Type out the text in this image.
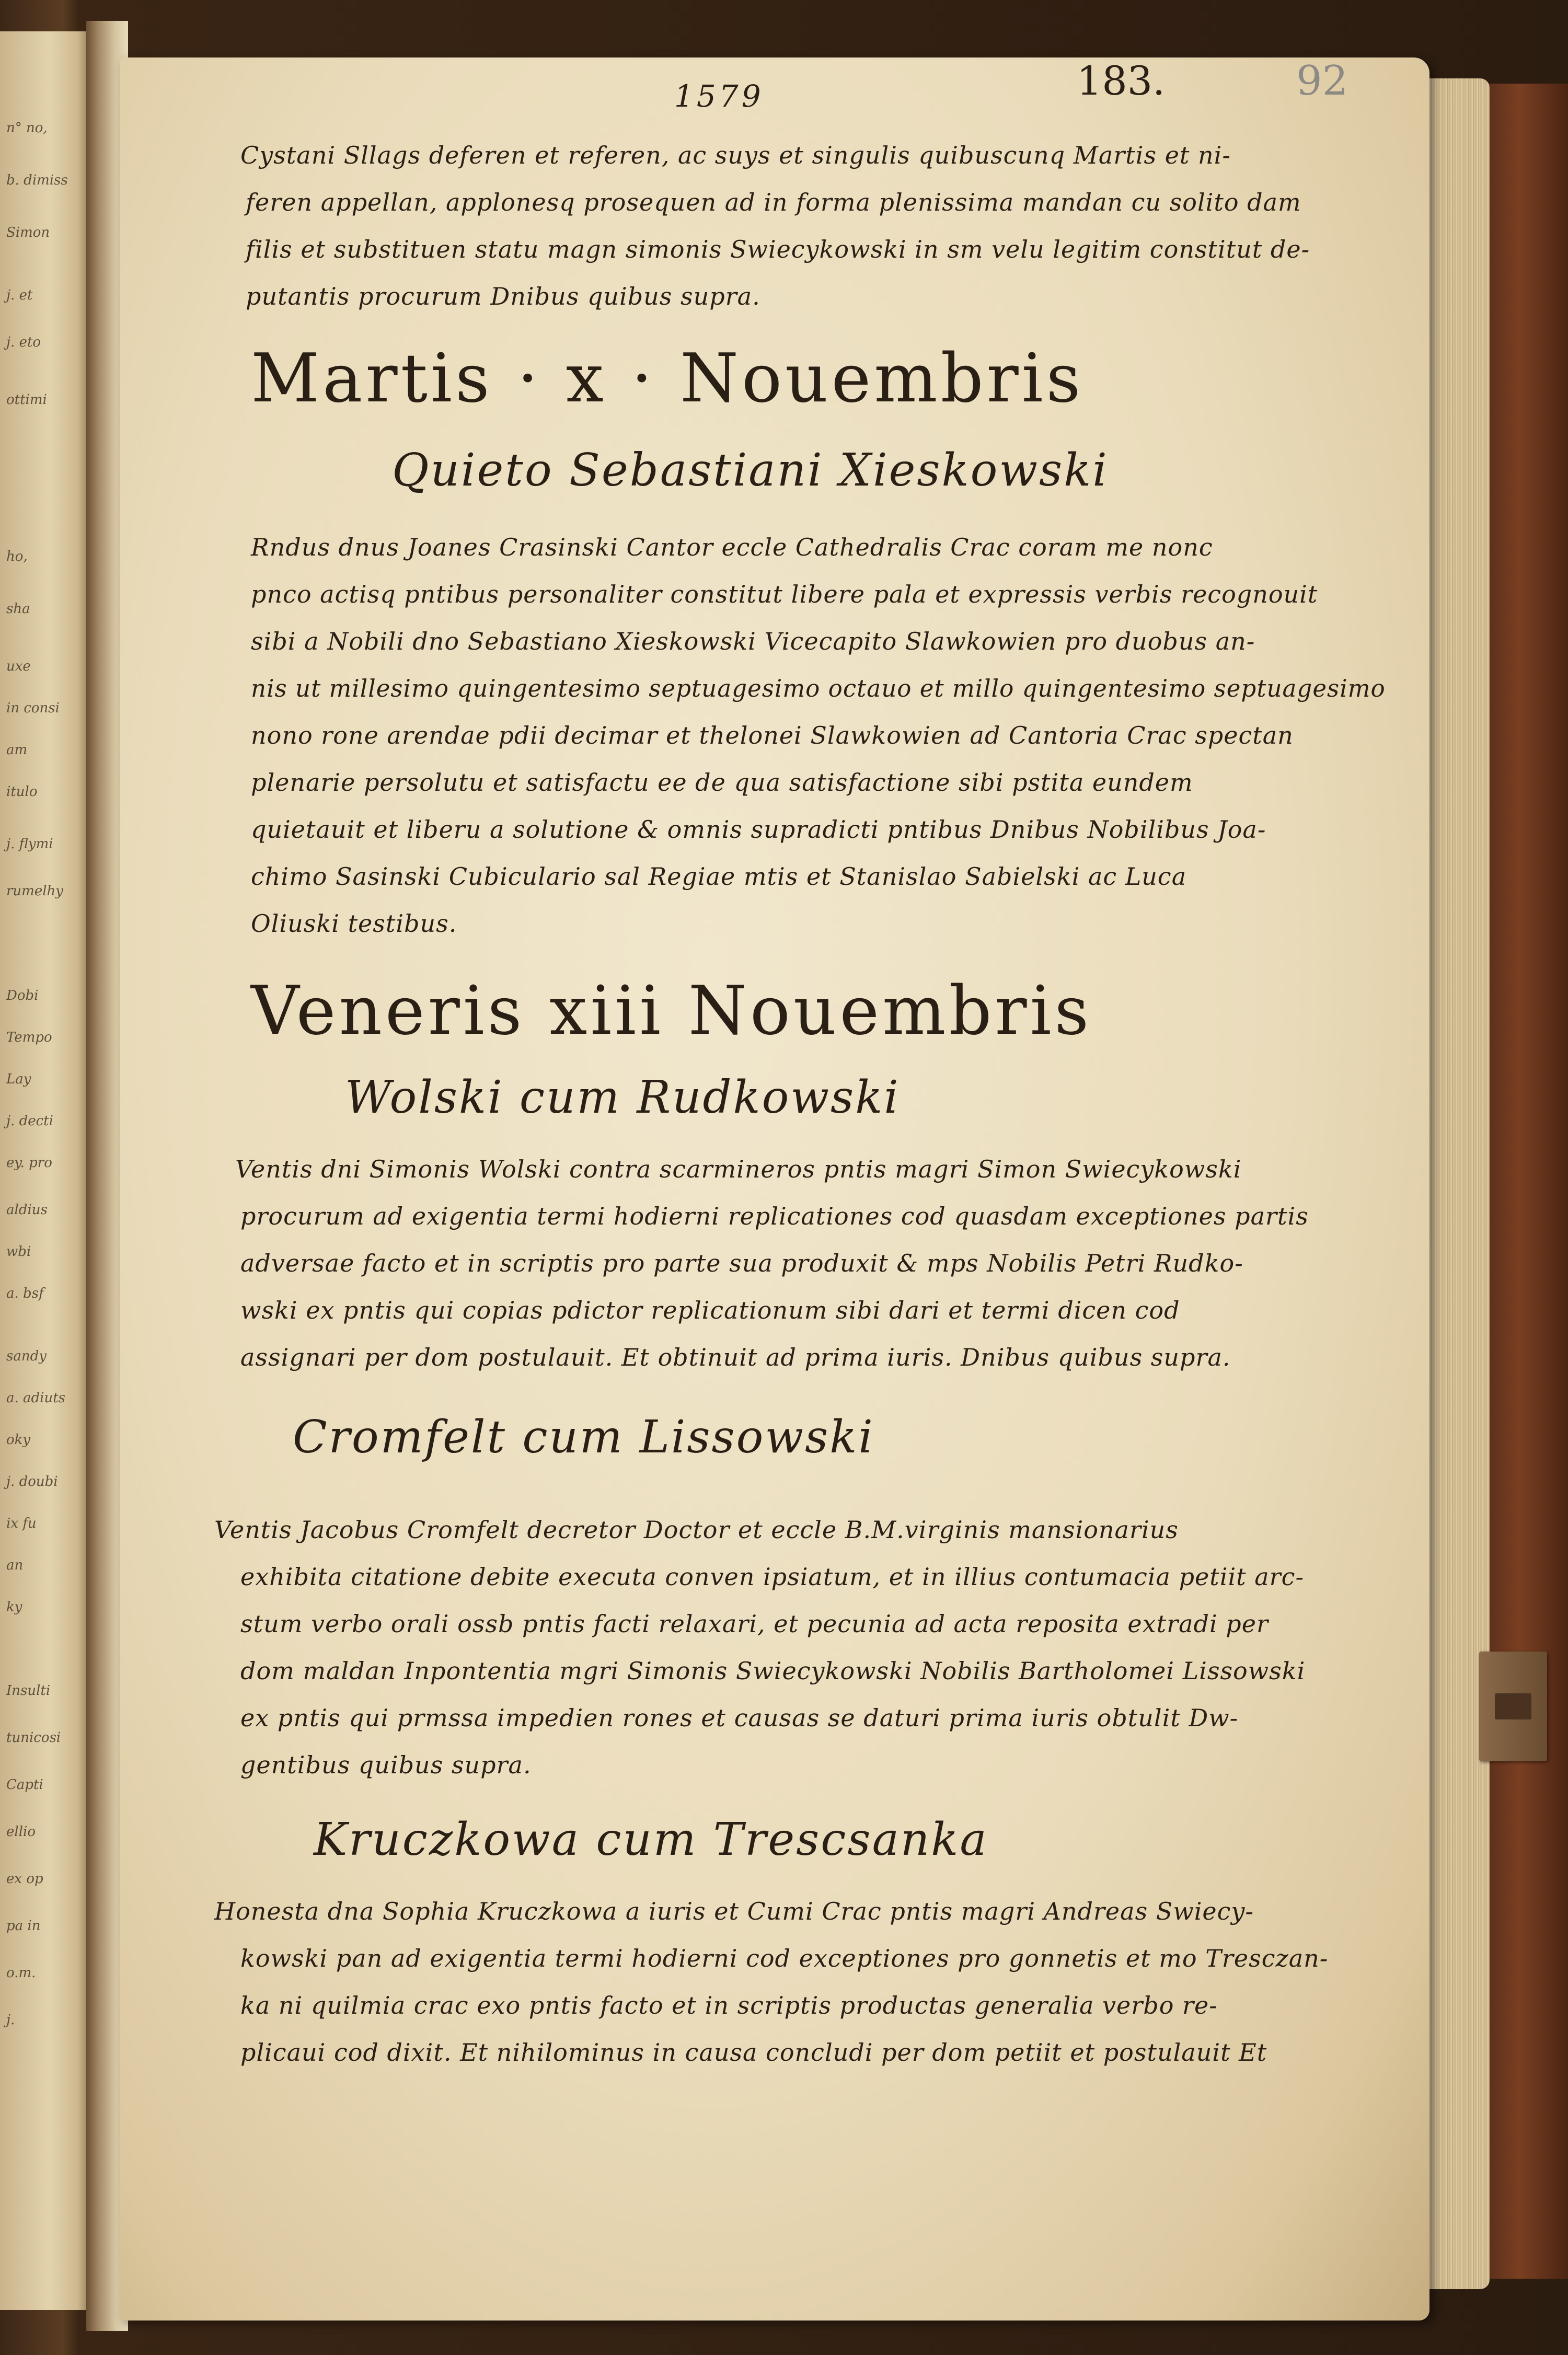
n° no,
b. dimiss
Simon
j. et
j. eto
ottimi
ho,
sha
uxe
in consi
am
itulo
j. flymi
rumelhy
Dobi
Tempo
Lay
j. decti
ey. pro
aldius
wbi
a. bsf
sandy
a. adiuts
oky
j. doubi
ix fu
an
ky
Insulti
tunicosi
Capti
ellio
ex op
pa in
o.m.
j.
1579	183.	92
Cystani Sllags deferen et referen, ac suys et singulis quibuscunq Martis et ni-
feren appellan, applonesq prosequen ad in forma plenissima mandan cu solito dam
filis et substituen statu magn simonis Swiecykowski in sm velu legitim constitut de-
putantis procurum Dnibus quibus supra.
Martis · x · Nouembris
Quieto Sebastiani Xieskowski
Rndus dnus Joanes Crasinski Cantor eccle Cathedralis Crac coram me nonc
pnco actisq pntibus personaliter constitut libere pala et expressis verbis recognouit
sibi a Nobili dno Sebastiano Xieskowski Vicecapito Slawkowien pro duobus an-
nis ut millesimo quingentesimo septuagesimo octauo et millo quingentesimo septuagesimo
nono rone arendae pdii decimar et thelonei Slawkowien ad Cantoria Crac spectan
plenarie persolutu et satisfactu ee de qua satisfactione sibi pstita eundem
quietauit et liberu a solutione & omnis supradicti pntibus Dnibus Nobilibus Joa-
chimo Sasinski Cubiculario sal Regiae mtis et Stanislao Sabielski ac Luca
Oliuski testibus.
Veneris xiii Nouembris
Wolski cum Rudkowski
Ventis dni Simonis Wolski contra scarmineros pntis magri Simon Swiecykowski
procurum ad exigentia termi hodierni replicationes cod quasdam exceptiones partis
adversae facto et in scriptis pro parte sua produxit & mps Nobilis Petri Rudko-
wski ex pntis qui copias pdictor replicationum sibi dari et termi dicen cod
assignari per dom postulauit. Et obtinuit ad prima iuris. Dnibus quibus supra.
Cromfelt cum Lissowski
Ventis Jacobus Cromfelt decretor Doctor et eccle B.M.virginis mansionarius
exhibita citatione debite executa conven ipsiatum, et in illius contumacia petiit arc-
stum verbo orali ossb pntis facti relaxari, et pecunia ad acta reposita extradi per
dom maldan Inpontentia mgri Simonis Swiecykowski Nobilis Bartholomei Lissowski
ex pntis qui prmssa impedien rones et causas se daturi prima iuris obtulit Dw-
gentibus quibus supra.
Kruczkowa cum Trescsanka
Honesta dna Sophia Kruczkowa a iuris et Cumi Crac pntis magri Andreas Swiecy-
kowski pan ad exigentia termi hodierni cod exceptiones pro gonnetis et mo Tresczan-
ka ni quilmia crac exo pntis facto et in scriptis productas generalia verbo re-
plicaui cod dixit. Et nihilominus in causa concludi per dom petiit et postulauit Et
